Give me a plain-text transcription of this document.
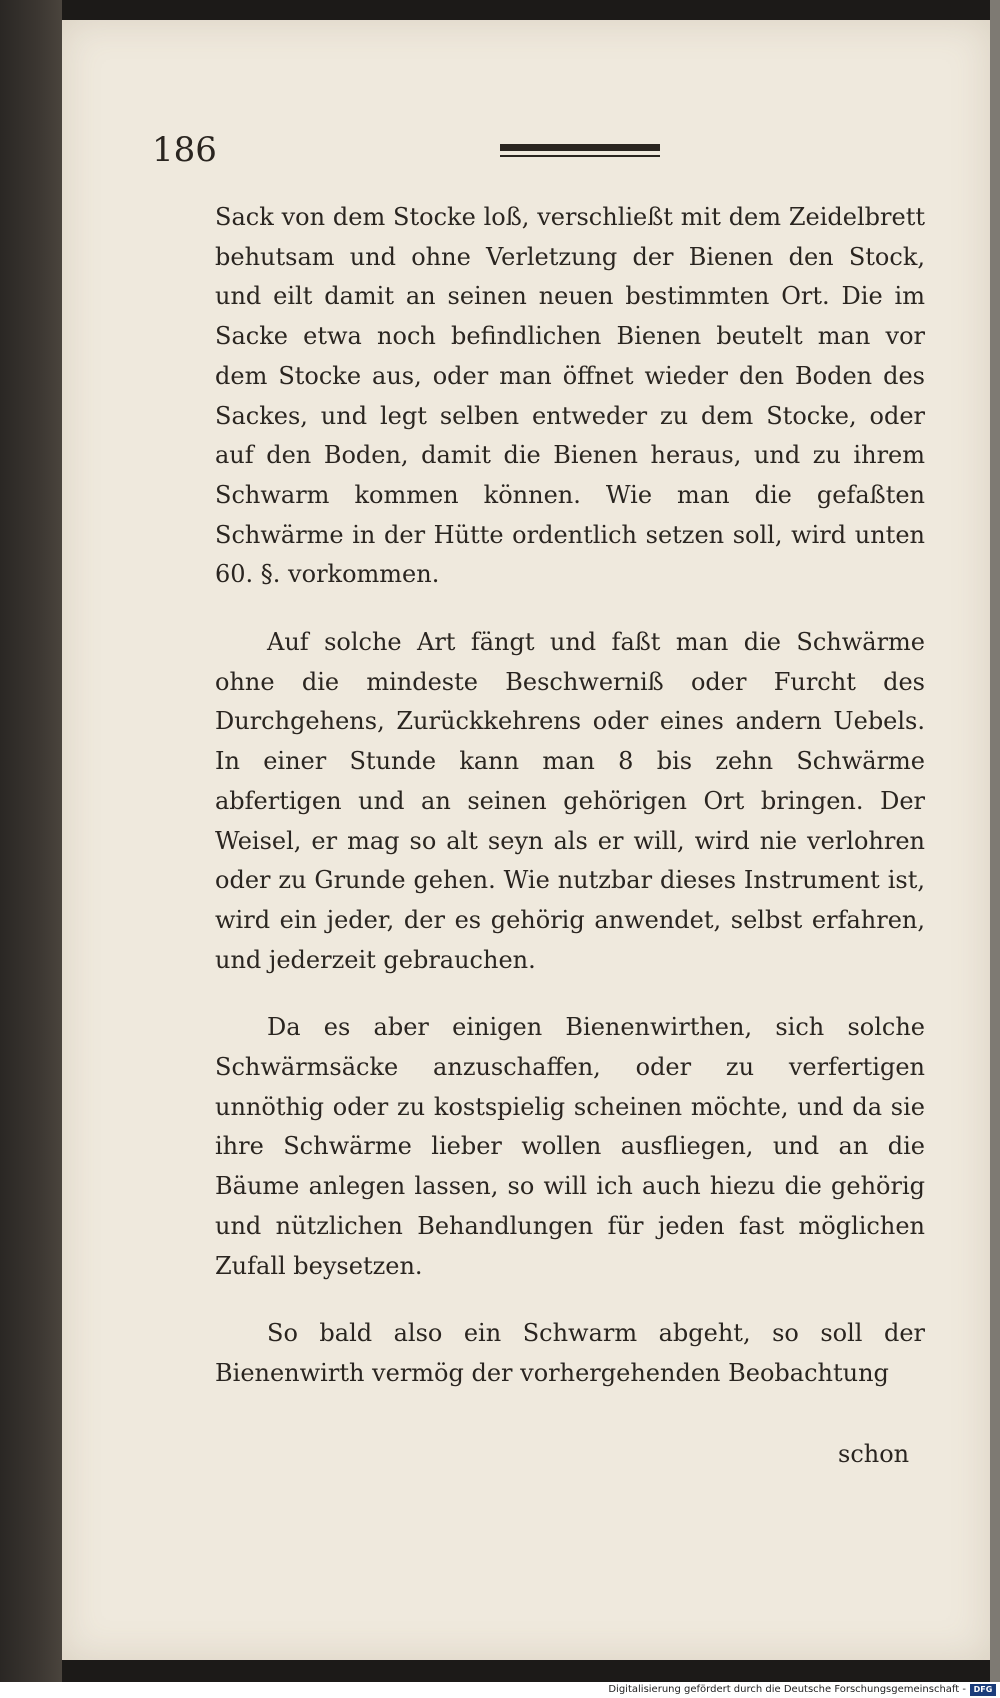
186

Sack von dem Stocke loß, verschließt mit dem Zeidelbrett behutsam und ohne Verletzung der Bienen den Stock, und eilt damit an seinen neuen bestimmten Ort. Die im Sacke etwa noch befindlichen Bienen beutelt man vor dem Stocke aus, oder man öffnet wieder den Boden des Sackes, und legt selben entweder zu dem Stocke, oder auf den Boden, damit die Bienen heraus, und zu ihrem Schwarm kommen können. Wie man die gefaßten Schwärme in der Hütte ordentlich setzen soll, wird unten 60. §. vorkommen.

Auf solche Art fängt und faßt man die Schwärme ohne die mindeste Beschwerniß oder Furcht des Durchgehens, Zurückkehrens oder eines andern Uebels. In einer Stunde kann man 8 bis zehn Schwärme abfertigen und an seinen gehörigen Ort bringen. Der Weisel, er mag so alt seyn als er will, wird nie verlohren oder zu Grunde gehen. Wie nutzbar dieses Instrument ist, wird ein jeder, der es gehörig anwendet, selbst erfahren, und jederzeit gebrauchen.

Da es aber einigen Bienenwirthen, sich solche Schwärmsäcke anzuschaffen, oder zu verfertigen unnöthig oder zu kostspielig scheinen möchte, und da sie ihre Schwärme lieber wollen ausfliegen, und an die Bäume anlegen lassen, so will ich auch hiezu die gehörig und nützlichen Behandlungen für jeden fast möglichen Zufall beysetzen.

So bald also ein Schwarm abgeht, so soll der Bienenwirth vermög der vorhergehenden Beobachtung

schon

Digitalisierung gefördert durch die Deutsche Forschungsgemeinschaft - DFG
